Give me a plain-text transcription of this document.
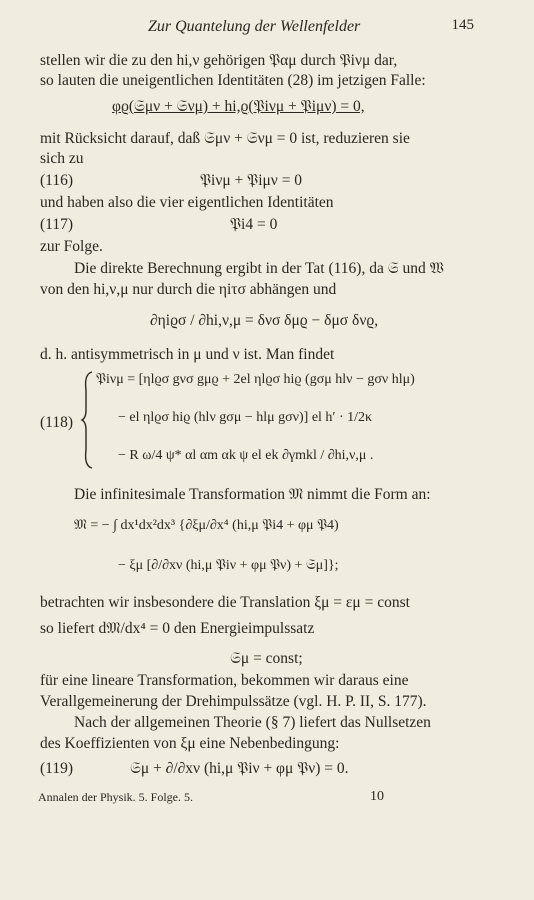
Zur Quantelung der Wellenfelder	145
stellen wir die zu den hi,ν gehörigen 𝔓αμ durch 𝔓iνμ dar,
so lauten die uneigentlichen Identitäten (28) im jetzigen Falle:
φϱ(𝔖μν + 𝔖νμ) + hi,ϱ(𝔓iνμ + 𝔓iμν) = 0,
mit Rücksicht darauf, daß 𝔖μν + 𝔖νμ = 0 ist, reduzieren sie
sich zu
(116)	𝔓iνμ + 𝔓iμν = 0
und haben also die vier eigentlichen Identitäten
(117)	𝔓i4 = 0
zur Folge.
Die direkte Berechnung ergibt in der Tat (116), da 𝔖 und 𝔚
von den hi,ν,μ nur durch die ηiτσ abhängen und
∂ηiϱσ / ∂hi,ν,μ = δνσ δμϱ − δμσ δνϱ,
d. h. antisymmetrisch in μ und ν ist. Man findet
(118)
𝔓iνμ = [ηlϱσ gνσ gμϱ + 2el ηlϱσ hiϱ (gσμ hlν − gσν hlμ)
− el ηlϱσ hiϱ (hlν gσμ − hlμ gσν)] el h′ · 1/2κ
− R ω/4 ψ* αl αm αk ψ el ek ∂γmkl / ∂hi,ν,μ .
Die infinitesimale Transformation 𝔐 nimmt die Form an:
𝔐 = − ∫ dx¹dx²dx³ {∂ξμ/∂x⁴ (hi,μ 𝔓i4 + φμ 𝔓4)
− ξμ [∂/∂xν (hi,μ 𝔓iν + φμ 𝔓ν) + 𝔖μ]};
betrachten wir insbesondere die Translation ξμ = εμ = const
so liefert d𝔐/dx⁴ = 0 den Energieimpulssatz
𝔖μ = const;
für eine lineare Transformation, bekommen wir daraus eine
Verallgemeinerung der Drehimpulssätze (vgl. H. P. II, S. 177).
Nach der allgemeinen Theorie (§ 7) liefert das Nullsetzen
des Koeffizienten von ξμ eine Nebenbedingung:
(119)	𝔖μ + ∂/∂xν (hi,μ 𝔓iν + φμ 𝔓ν) = 0.
Annalen der Physik. 5. Folge. 5.	10
